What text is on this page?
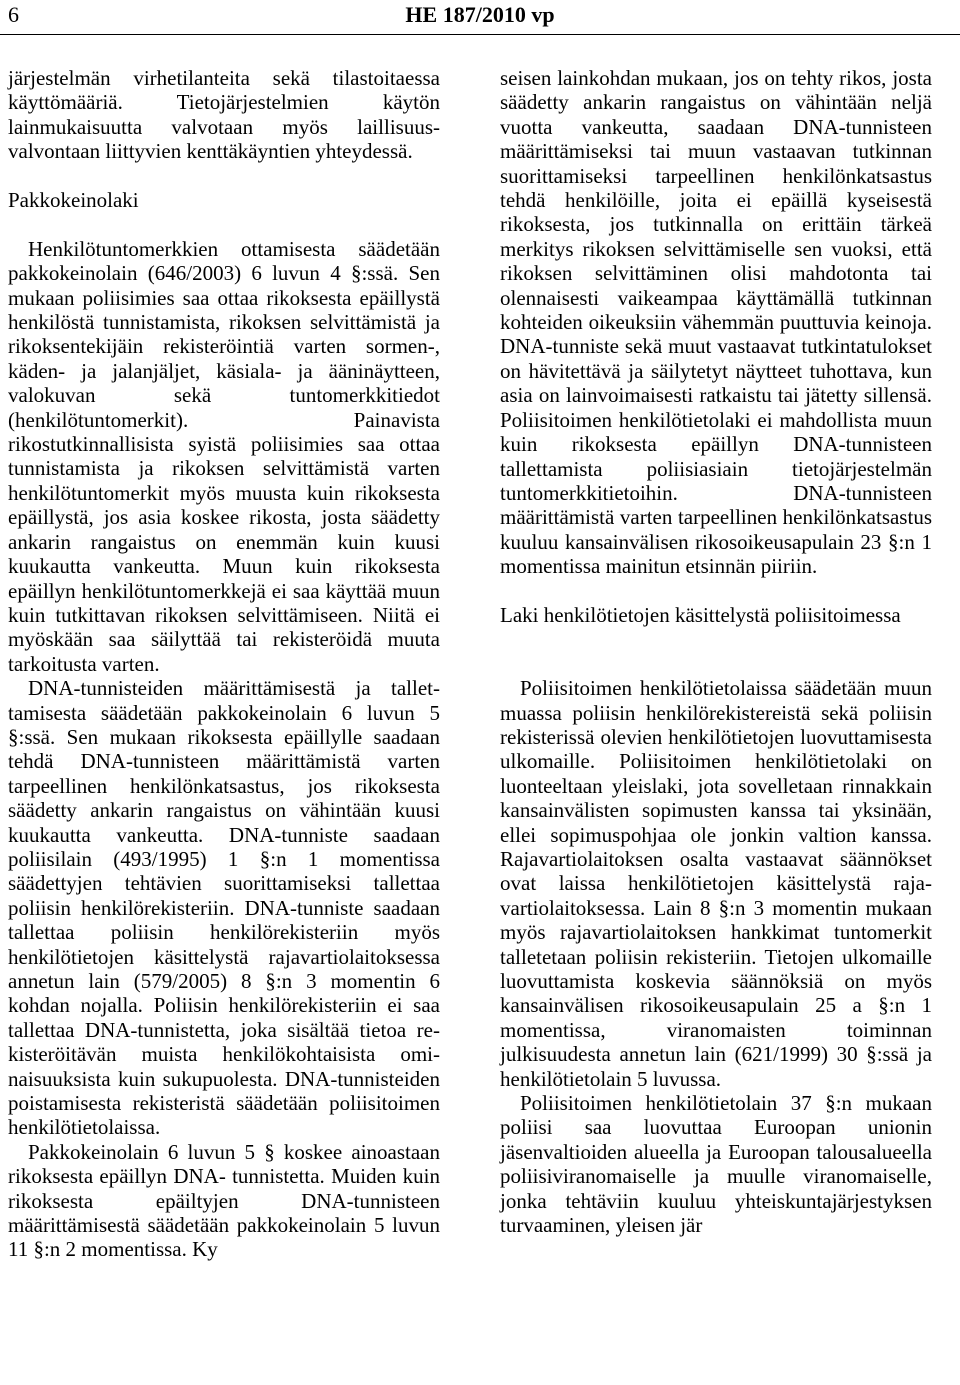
6	HE 187/2010 vp

järjestelmän virhetilanteita sekä tilastoitaessa käyttömääriä. Tietojärjestelmien käytön lainmukaisuutta valvotaan myös laillisuusvalvontaan liittyvien kenttäkäyntien yhteydessä.

Pakkokeinolaki

Henkilötuntomerkkien ottamisesta säädetään pakkokeinolain (646/2003) 6 luvun 4 §:ssä. Sen mukaan poliisimies saa ottaa rikoksesta epäillystä henkilöstä tunnistamista, rikoksen selvittämistä ja rikoksentekijäin rekisteröintiä varten sormen-, käden- ja jalanjäljet, käsiala- ja ääninäytteen, valokuvan sekä tuntomerkkitiedot (henkilötuntomerkit). Painavista rikostutkinnallisista syistä poliisimies saa ottaa tunnistamista ja rikoksen selvittämistä varten henkilötuntomerkit myös muusta kuin rikoksesta epäillystä, jos asia koskee rikosta, josta säädetty ankarin rangaistus on enemmän kuin kuusi kuukautta vankeutta. Muun kuin rikoksesta epäillyn henkilötuntomerkkejä ei saa käyttää muun kuin tutkittavan rikoksen selvittämiseen. Niitä ei myöskään saa säilyttää tai rekisteröidä muuta tarkoitusta varten.

DNA-tunnisteiden määrittämisestä ja tallettamisesta säädetään pakkokeinolain 6 luvun 5 §:ssä. Sen mukaan rikoksesta epäillylle saadaan tehdä DNA-tunnisteen määrittämistä varten tarpeellinen henkilönkatsastus, jos rikoksesta säädetty ankarin rangaistus on vähintään kuusi kuukautta vankeutta. DNA-tunniste saadaan poliisilain (493/1995) 1 §:n 1 momentissa säädettyjen tehtävien suorittamiseksi tallettaa poliisin henkilörekisteriin. DNA-tunniste saadaan tallettaa poliisin henkilörekisteriin myös henkilötietojen käsittelystä rajavartiolaitoksessa annetun lain (579/2005) 8 §:n 3 momentin 6 kohdan nojalla. Poliisin henkilörekisteriin ei saa tallettaa DNA-tunnistetta, joka sisältää tietoa rekisteröitävän muista henkilökohtaisista ominaisuuksista kuin sukupuolesta. DNA-tunnisteiden poistamisesta rekisteristä säädetään poliisitoimen henkilötietolaissa.

Pakkokeinolain 6 luvun 5 § koskee ainoastaan rikoksesta epäillyn DNA- tunnistetta. Muiden kuin rikoksesta epäiltyjen DNA-tunnisteen määrittämisestä säädetään pakkokeinolain 5 luvun 11 §:n 2 momentissa. Ky

seisen lainkohdan mukaan, jos on tehty rikos, josta säädetty ankarin rangaistus on vähintään neljä vuotta vankeutta, saadaan DNA-tunnisteen määrittämiseksi tai muun vastaavan tutkinnan suorittamiseksi tarpeellinen henkilönkatsastus tehdä henkilöille, joita ei epäillä kyseisestä rikoksesta, jos tutkinnalla on erittäin tärkeä merkitys rikoksen selvittämiselle sen vuoksi, että rikoksen selvittäminen olisi mahdotonta tai olennaisesti vaikeampaa käyttämällä tutkinnan kohteiden oikeuksiin vähemmän puuttuvia keinoja. DNA-tunniste sekä muut vastaavat tutkintatulokset on hävitettävä ja säilytetyt näytteet tuhottava, kun asia on lainvoimaisesti ratkaistu tai jätetty sillensä. Poliisitoimen henkilötietolaki ei mahdollista muun kuin rikoksesta epäillyn DNA-tunnisteen tallettamista poliisiasiain tietojärjestelmän tuntomerkkitietoihin. DNA-tunnisteen määrittämistä varten tarpeellinen henkilönkatsastus kuuluu kansainvälisen rikosoikeusapulain 23 §:n 1 momentissa mainitun etsinnän piiriin.

Laki henkilötietojen käsittelystä poliisitoimessa

Poliisitoimen henkilötietolaissa säädetään muun muassa poliisin henkilörekistereistä sekä poliisin rekisterissä olevien henkilötietojen luovuttamisesta ulkomaille. Poliisitoimen henkilötietolaki on luonteeltaan yleislaki, jota sovelletaan rinnakkain kansainvälisten sopimusten kanssa tai yksinään, ellei sopimuspohjaa ole jonkin valtion kanssa. Rajavartiolaitoksen osalta vastaavat säännökset ovat laissa henkilötietojen käsittelystä rajavartiolaitoksessa. Lain 8 §:n 3 momentin mukaan myös rajavartiolaitoksen hankkimat tuntomerkit talletetaan poliisin rekisteriin. Tietojen ulkomaille luovuttamista koskevia säännöksiä on myös kansainvälisen rikosoikeusapulain 25 a §:n 1 momentissa, viranomaisten toiminnan julkisuudesta annetun lain (621/1999) 30 §:ssä ja henkilötietolain 5 luvussa.

Poliisitoimen henkilötietolain 37 §:n mukaan poliisi saa luovuttaa Euroopan unionin jäsenvaltioiden alueella ja Euroopan talousalueella poliisiviranomaiselle ja muulle viranomaiselle, jonka tehtäviin kuuluu yhteiskuntajärjestyksen turvaaminen, yleisen jär
